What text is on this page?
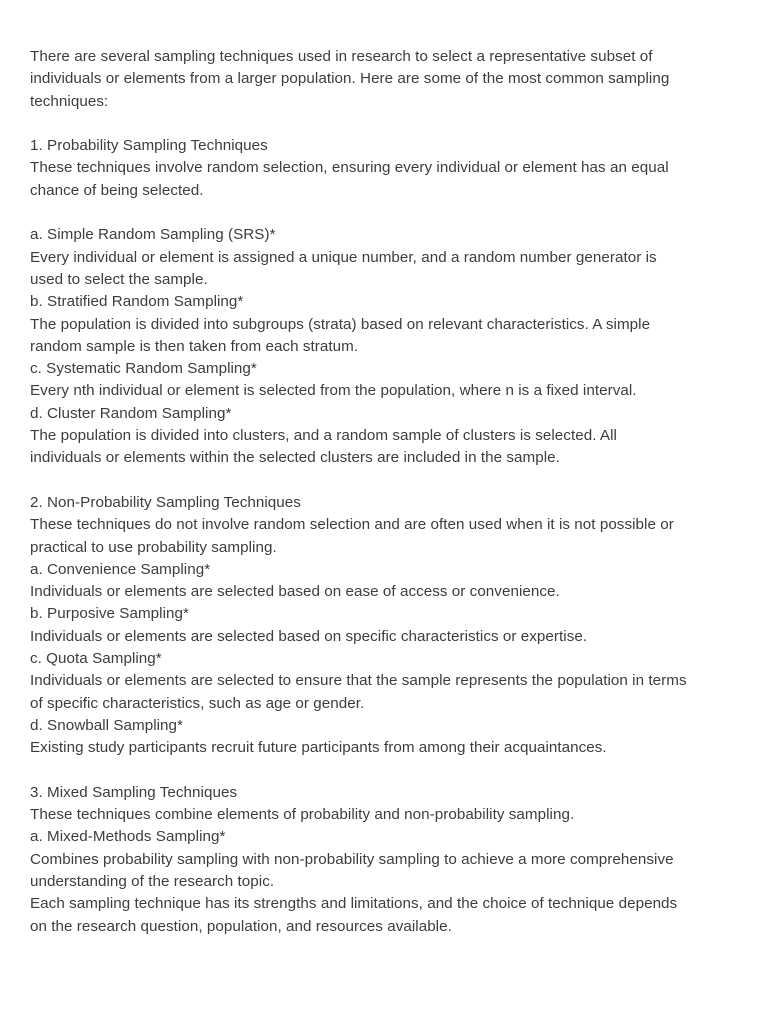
There are several sampling techniques used in research to select a representative subset of
individuals or elements from a larger population. Here are some of the most common sampling
techniques:
1. Probability Sampling Techniques
These techniques involve random selection, ensuring every individual or element has an equal
chance of being selected.
a. Simple Random Sampling (SRS)*
Every individual or element is assigned a unique number, and a random number generator is
used to select the sample.
b. Stratified Random Sampling*
The population is divided into subgroups (strata) based on relevant characteristics. A simple
random sample is then taken from each stratum.
c. Systematic Random Sampling*
Every nth individual or element is selected from the population, where n is a fixed interval.
d. Cluster Random Sampling*
The population is divided into clusters, and a random sample of clusters is selected. All
individuals or elements within the selected clusters are included in the sample.
2. Non-Probability Sampling Techniques
These techniques do not involve random selection and are often used when it is not possible or
practical to use probability sampling.
a. Convenience Sampling*
Individuals or elements are selected based on ease of access or convenience.
b. Purposive Sampling*
Individuals or elements are selected based on specific characteristics or expertise.
c. Quota Sampling*
Individuals or elements are selected to ensure that the sample represents the population in terms
of specific characteristics, such as age or gender.
d. Snowball Sampling*
Existing study participants recruit future participants from among their acquaintances.
3. Mixed Sampling Techniques
These techniques combine elements of probability and non-probability sampling.
a. Mixed-Methods Sampling*
Combines probability sampling with non-probability sampling to achieve a more comprehensive
understanding of the research topic.
Each sampling technique has its strengths and limitations, and the choice of technique depends
on the research question, population, and resources available.
